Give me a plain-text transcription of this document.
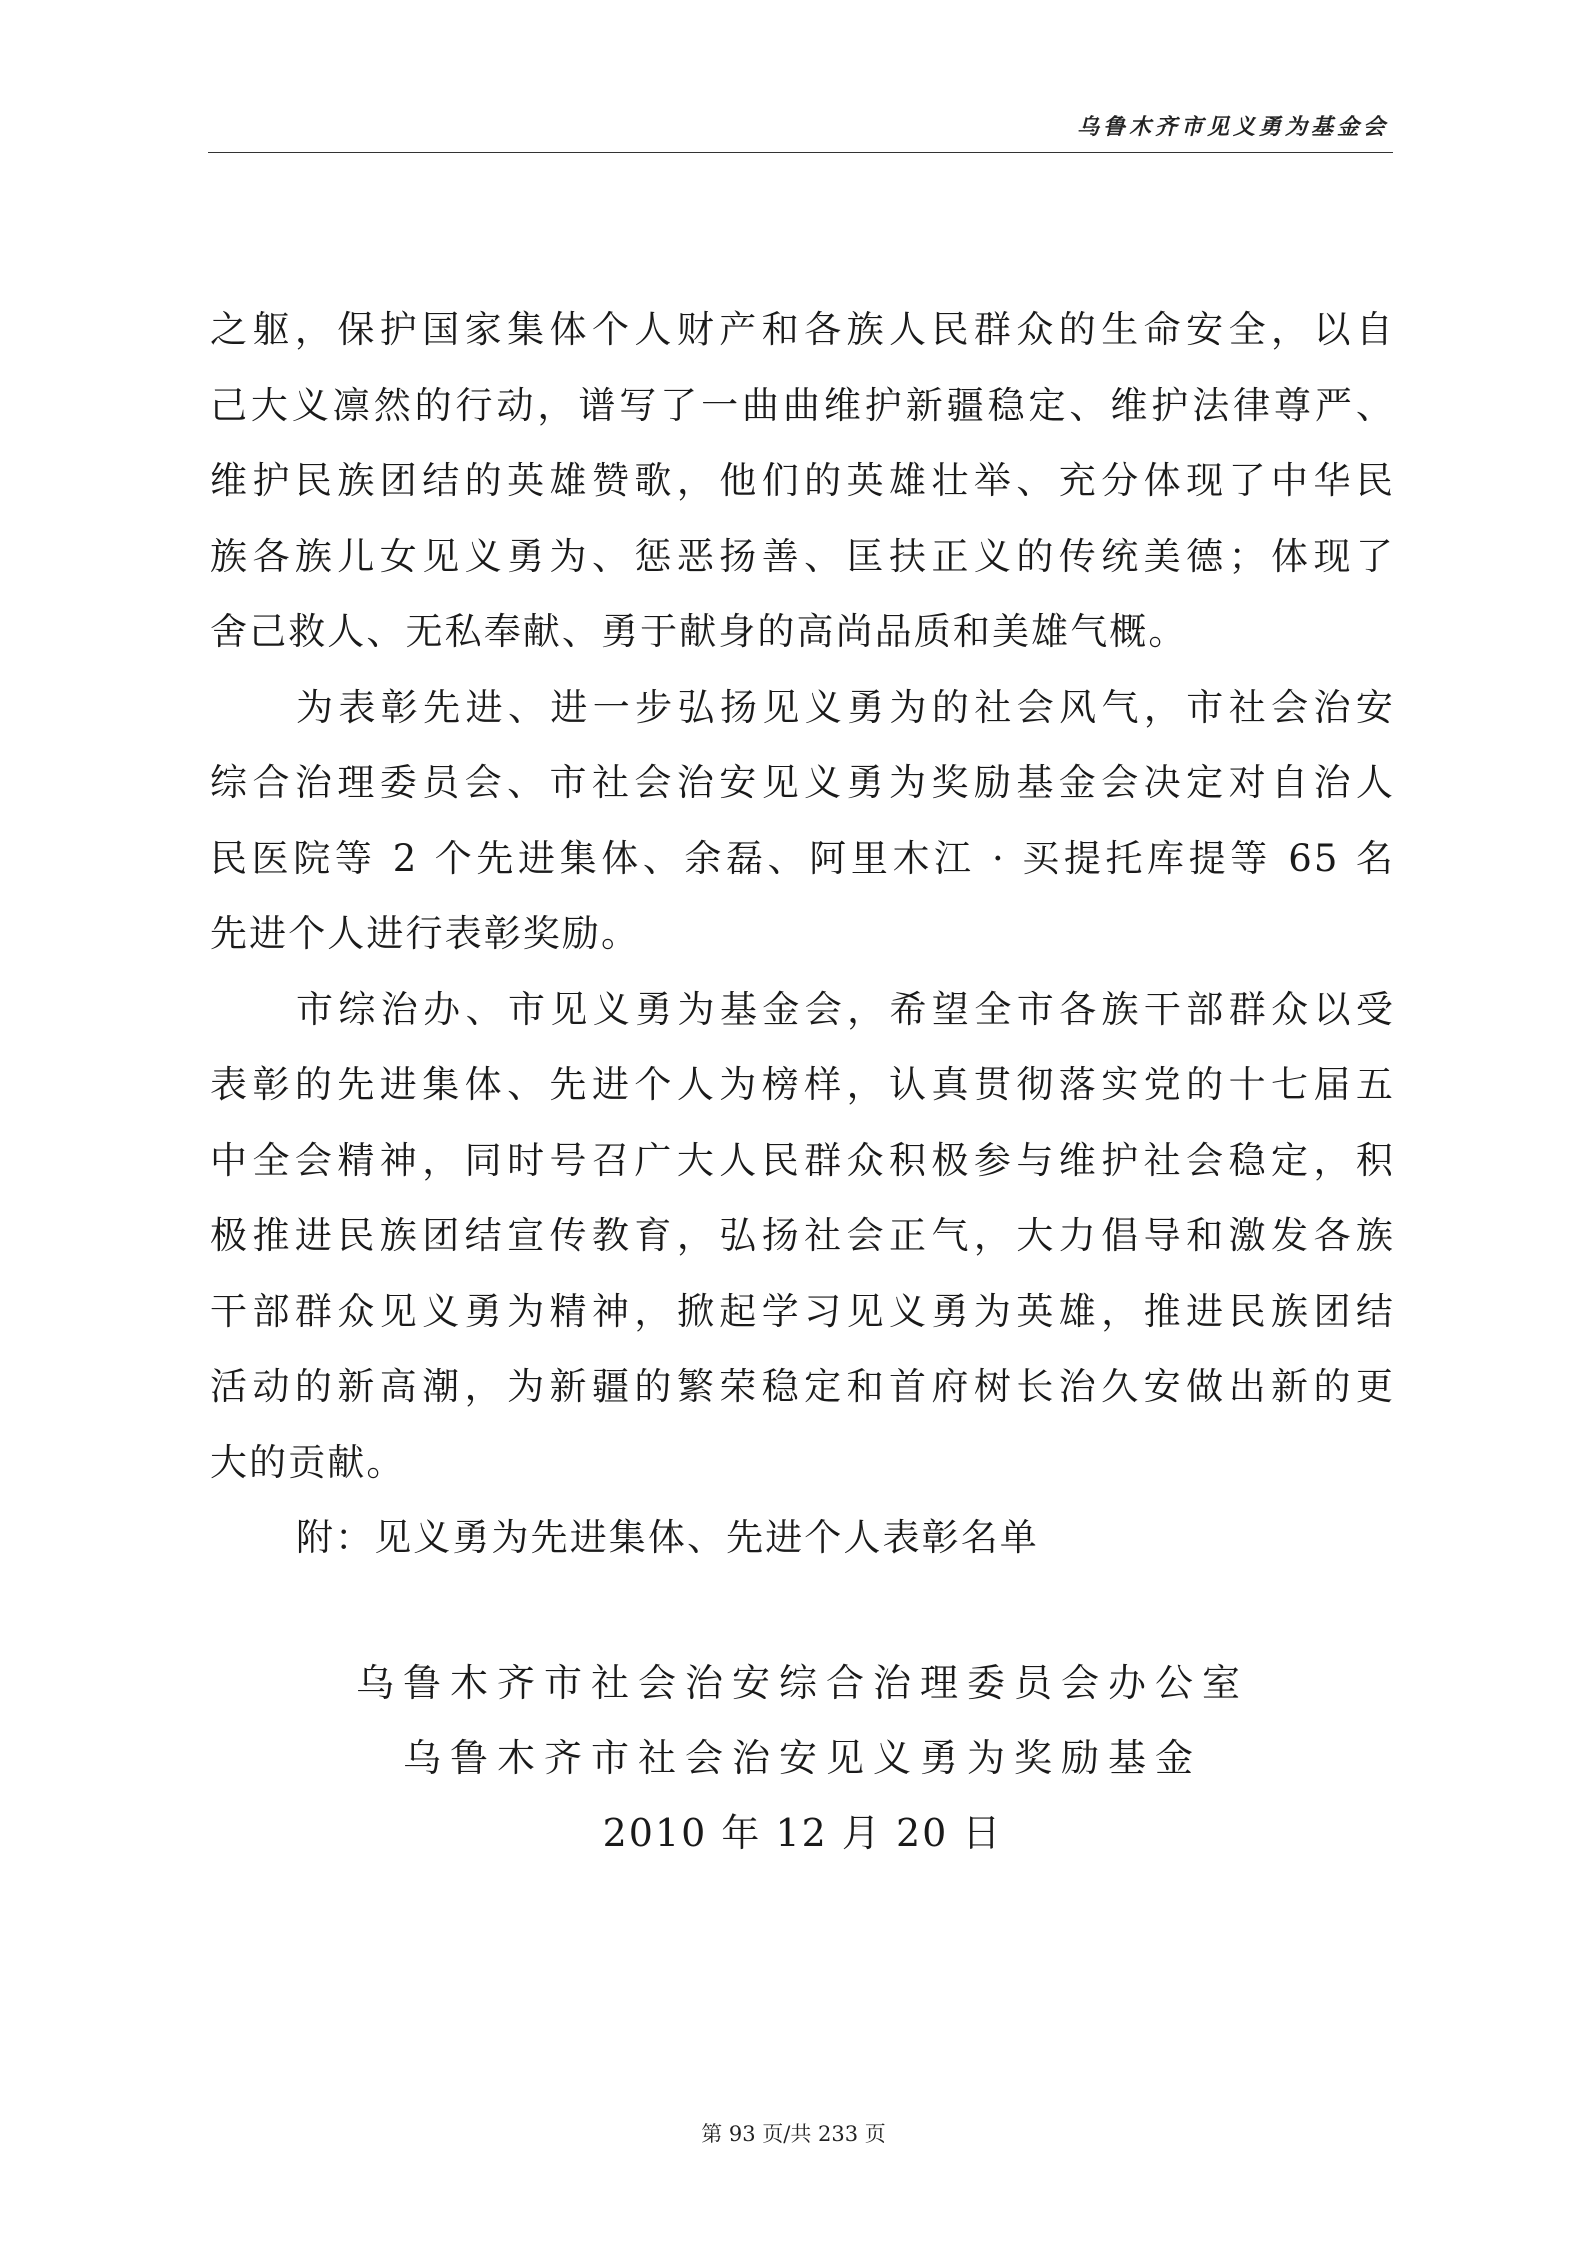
乌鲁木齐市见义勇为基金会
之躯，保护国家集体个人财产和各族人民群众的生命安全，以自
己大义凛然的行动，谱写了一曲曲维护新疆稳定、维护法律尊严、
维护民族团结的英雄赞歌，他们的英雄壮举、充分体现了中华民
族各族儿女见义勇为、惩恶扬善、匡扶正义的传统美德；体现了
舍己救人、无私奉献、勇于献身的高尚品质和美雄气概。
为表彰先进、进一步弘扬见义勇为的社会风气，市社会治安
综合治理委员会、市社会治安见义勇为奖励基金会决定对自治人
民医院等 2 个先进集体、余磊、阿里木江 · 买提托库提等 65 名
先进个人进行表彰奖励。
市综治办、市见义勇为基金会，希望全市各族干部群众以受
表彰的先进集体、先进个人为榜样，认真贯彻落实党的十七届五
中全会精神，同时号召广大人民群众积极参与维护社会稳定，积
极推进民族团结宣传教育，弘扬社会正气，大力倡导和激发各族
干部群众见义勇为精神，掀起学习见义勇为英雄，推进民族团结
活动的新高潮，为新疆的繁荣稳定和首府树长治久安做出新的更
大的贡献。
附：见义勇为先进集体、先进个人表彰名单
乌鲁木齐市社会治安综合治理委员会办公室
乌鲁木齐市社会治安见义勇为奖励基金
2010 年 12 月 20 日
第 93 页/共 233 页
